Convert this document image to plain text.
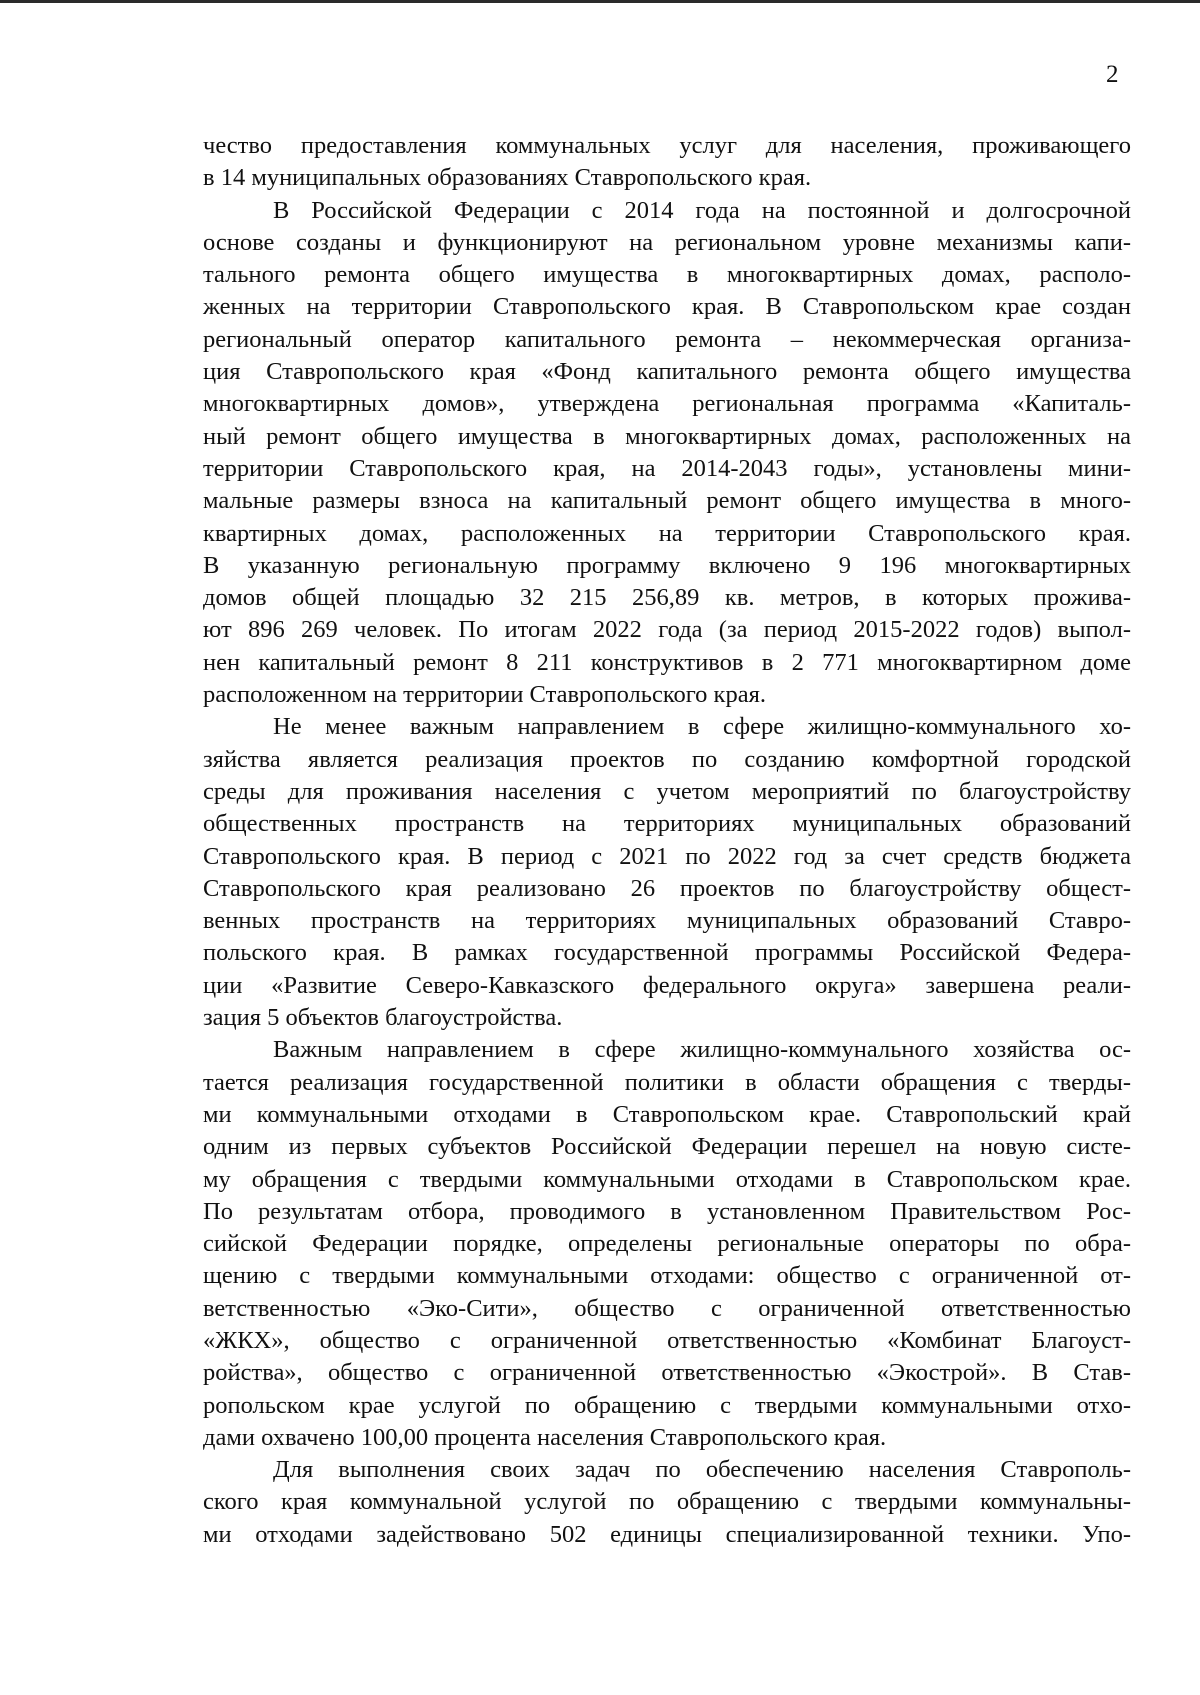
2

чество предоставления коммунальных услуг для населения, проживающего
в 14 муниципальных образованиях Ставропольского края.

В Российской Федерации с 2014 года на постоянной и долгосрочной
основе созданы и функционируют на региональном уровне механизмы капи-
тального ремонта общего имущества в многоквартирных домах, располо-
женных на территории Ставропольского края. В Ставропольском крае создан
региональный оператор капитального ремонта – некоммерческая организа-
ция Ставропольского края «Фонд капитального ремонта общего имущества
многоквартирных домов», утверждена региональная программа «Капиталь-
ный ремонт общего имущества в многоквартирных домах, расположенных на
территории Ставропольского края, на 2014-2043 годы», установлены мини-
мальные размеры взноса на капитальный ремонт общего имущества в много-
квартирных домах, расположенных на территории Ставропольского края.
В указанную региональную программу включено 9 196 многоквартирных
домов общей площадью 32 215 256,89 кв. метров, в которых прожива-
ют 896 269 человек. По итогам 2022 года (за период 2015-2022 годов) выпол-
нен капитальный ремонт 8 211 конструктивов в 2 771 многоквартирном доме
расположенном на территории Ставропольского края.

Не менее важным направлением в сфере жилищно-коммунального хо-
зяйства является реализация проектов по созданию комфортной городской
среды для проживания населения с учетом мероприятий по благоустройству
общественных пространств на территориях муниципальных образований
Ставропольского края. В период с 2021 по 2022 год за счет средств бюджета
Ставропольского края реализовано 26 проектов по благоустройству общест-
венных пространств на территориях муниципальных образований Ставро-
польского края. В рамках государственной программы Российской Федера-
ции «Развитие Северо-Кавказского федерального округа» завершена реали-
зация 5 объектов благоустройства.

Важным направлением в сфере жилищно-коммунального хозяйства ос-
тается реализация государственной политики в области обращения с тверды-
ми коммунальными отходами в Ставропольском крае. Ставропольский край
одним из первых субъектов Российской Федерации перешел на новую систе-
му обращения с твердыми коммунальными отходами в Ставропольском крае.
По результатам отбора, проводимого в установленном Правительством Рос-
сийской Федерации порядке, определены региональные операторы по обра-
щению с твердыми коммунальными отходами: общество с ограниченной от-
ветственностью «Эко-Сити», общество с ограниченной ответственностью
«ЖКХ», общество с ограниченной ответственностью «Комбинат Благоуст-
ройства», общество с ограниченной ответственностью «Экострой». В Став-
ропольском крае услугой по обращению с твердыми коммунальными отхо-
дами охвачено 100,00 процента населения Ставропольского края.

Для выполнения своих задач по обеспечению населения Ставрополь-
ского края коммунальной услугой по обращению с твердыми коммунальны-
ми отходами задействовано 502 единицы специализированной техники. Упо-
